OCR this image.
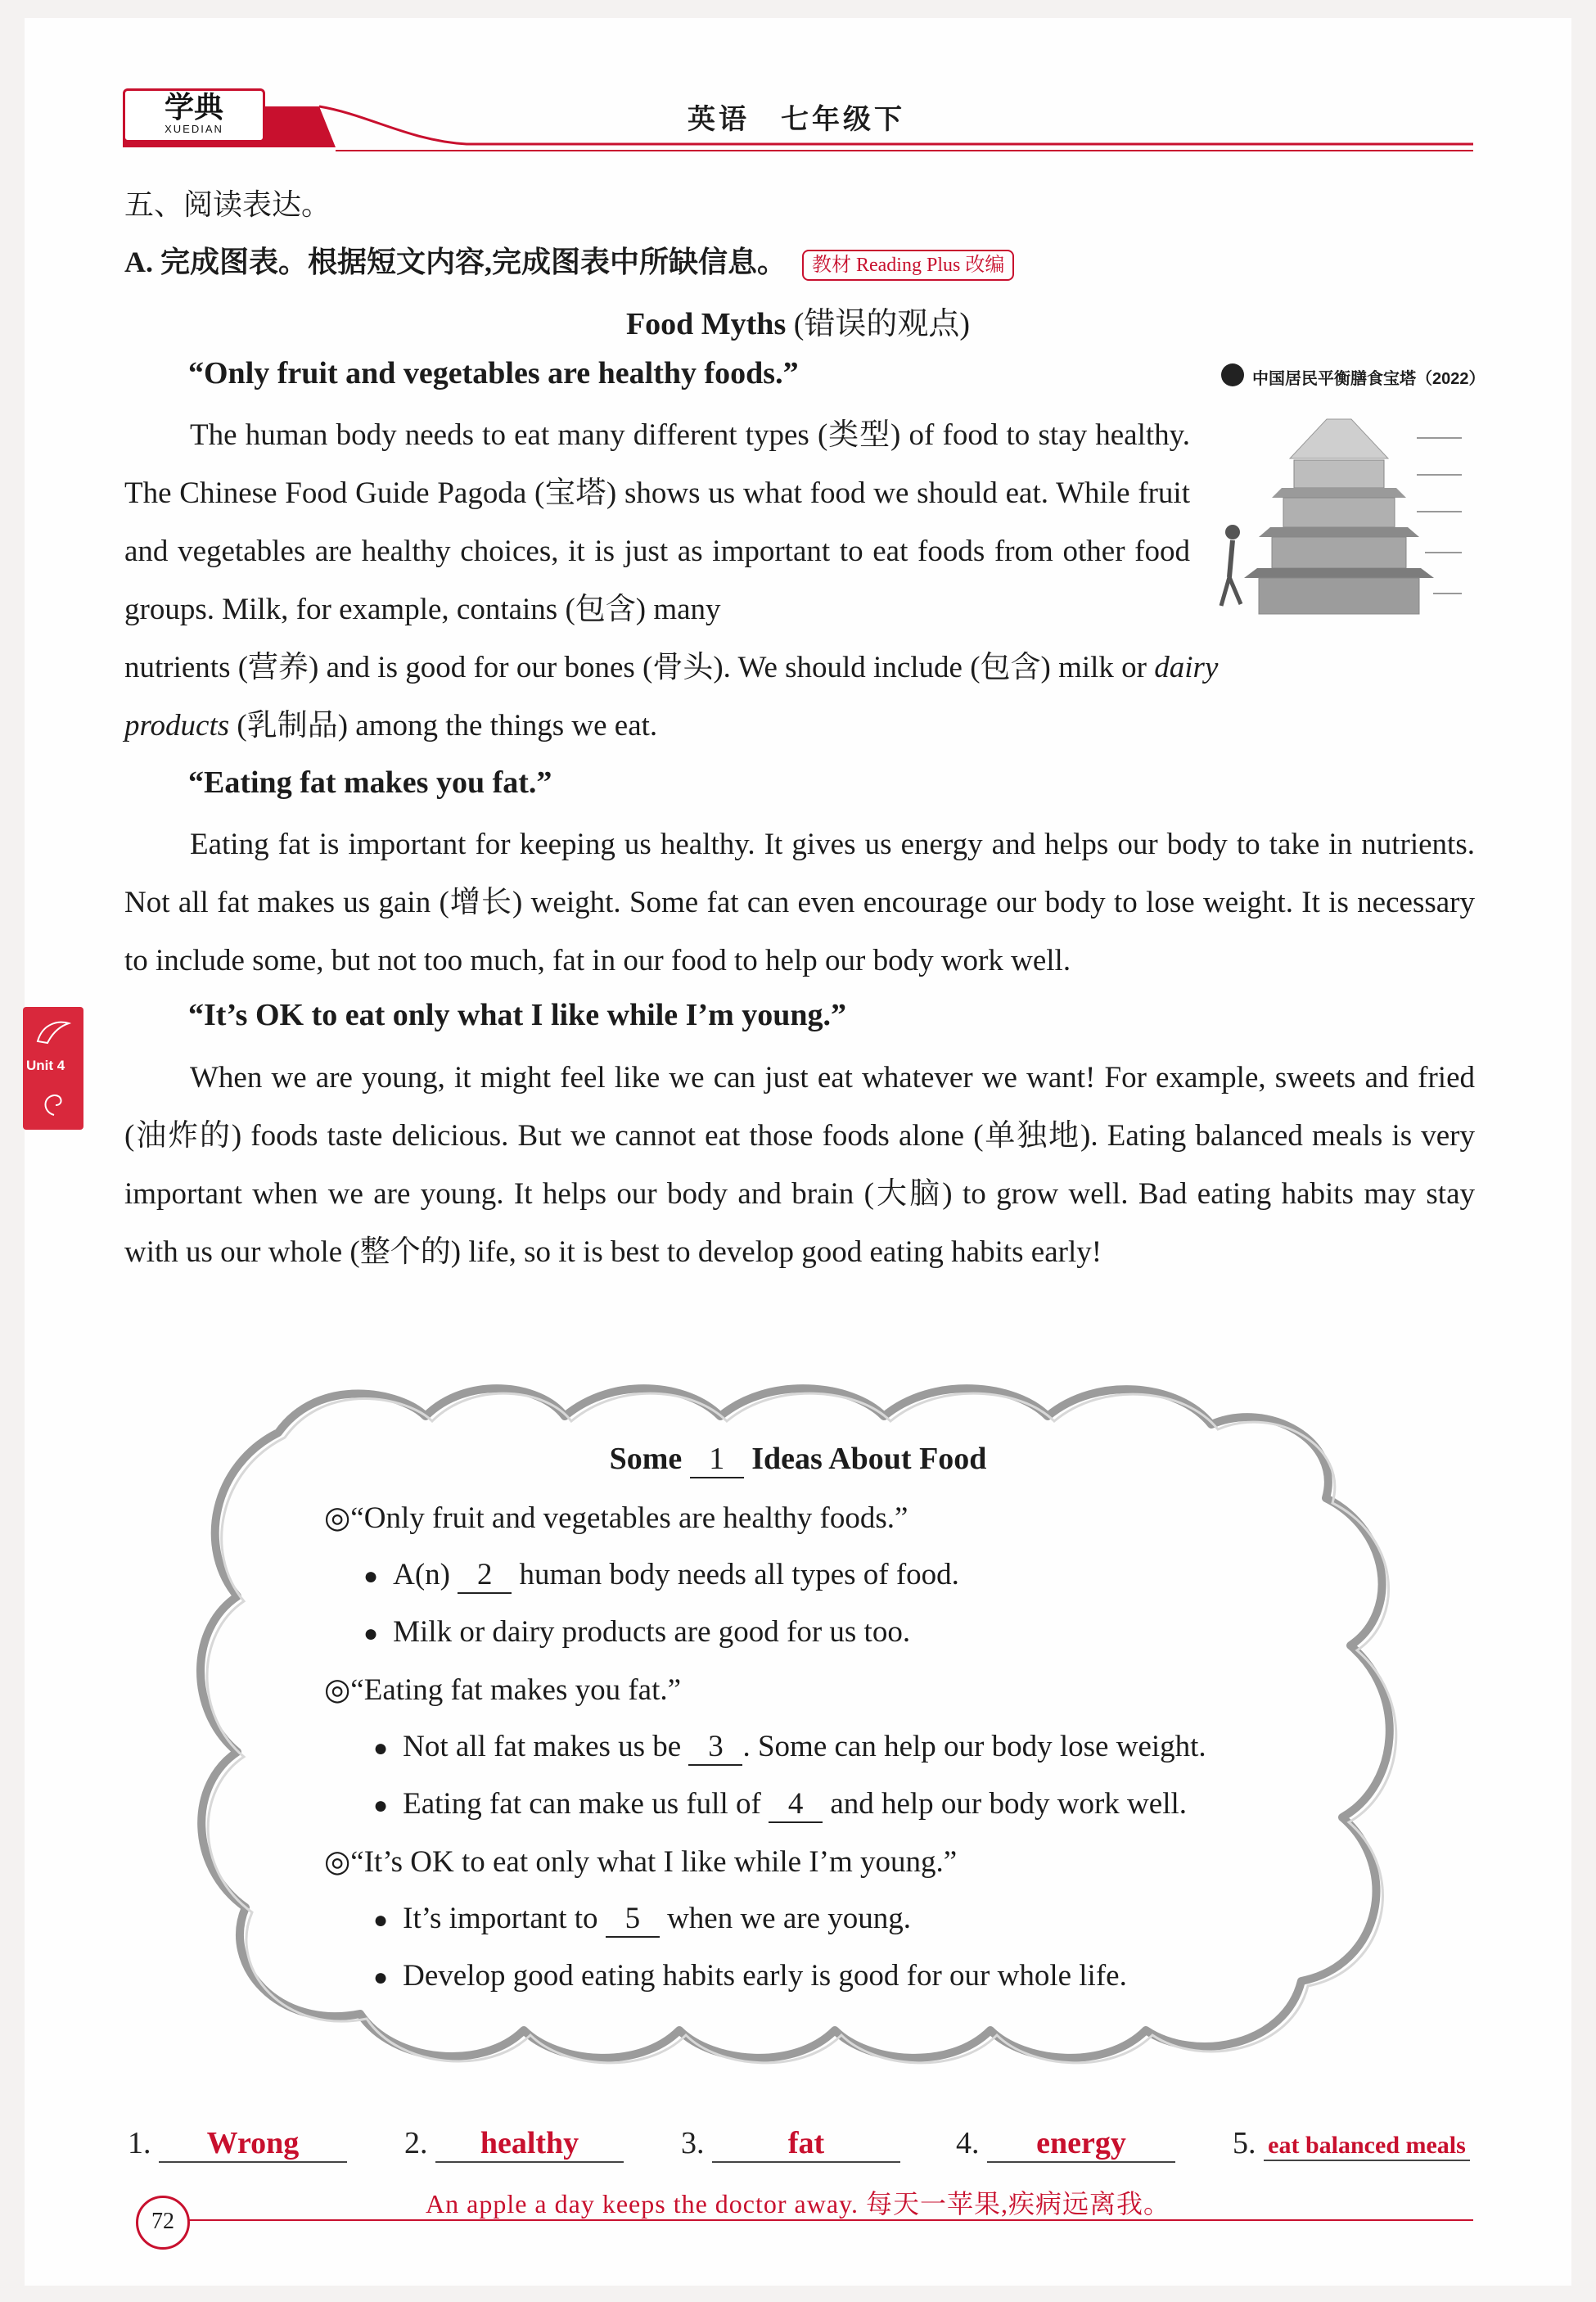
学典
XUEDIAN	英语　七年级下
五、阅读表达。
A. 完成图表。根据短文内容,完成图表中所缺信息。 教材 Reading Plus 改编
Food Myths (错误的观点)
“Only fruit and vegetables are healthy foods.”
The human body needs to eat many different types (类型) of food to stay healthy. The Chinese Food Guide Pagoda (宝塔) shows us what food we should eat. While fruit and vegetables are healthy choices, it is just as important to eat foods from other food groups. Milk, for example, contains (包含) many
nutrients (营养) and is good for our bones (骨头). We should include (包含) milk or dairy
products (乳制品) among the things we eat.
中国居民平衡膳食宝塔（2022）
“Eating fat makes you fat.”
Eating fat is important for keeping us healthy. It gives us energy and helps our body to take in nutrients. Not all fat makes us gain (增长) weight. Some fat can even encourage our body to lose weight. It is necessary to include some, but not too much, fat in our food to help our body work well.
“It’s OK to eat only what I like while I’m young.”
When we are young, it might feel like we can just eat whatever we want! For example, sweets and fried (油炸的) foods taste delicious. But we cannot eat those foods alone (单独地). Eating balanced meals is very important when we are young. It helps our body and brain (大脑) to grow well. Bad eating habits may stay with us our whole (整个的) life, so it is best to develop good eating habits early!
Unit 4
Some 1 Ideas About Food
◎“Only fruit and vegetables are healthy foods.”
● A(n) 2 human body needs all types of food.
● Milk or dairy products are good for us too.
◎“Eating fat makes you fat.”
● Not all fat makes us be 3 . Some can help our body lose weight.
● Eating fat can make us full of 4 and help our body work well.
◎“It’s OK to eat only what I like while I’m young.”
● It’s important to 5 when we are young.
● Develop good eating habits early is good for our whole life.
1. Wrong	2. healthy	3.	fat	4. energy	5. eat balanced meals
An apple a day keeps the doctor away. 每天一苹果,疾病远离我。
72
